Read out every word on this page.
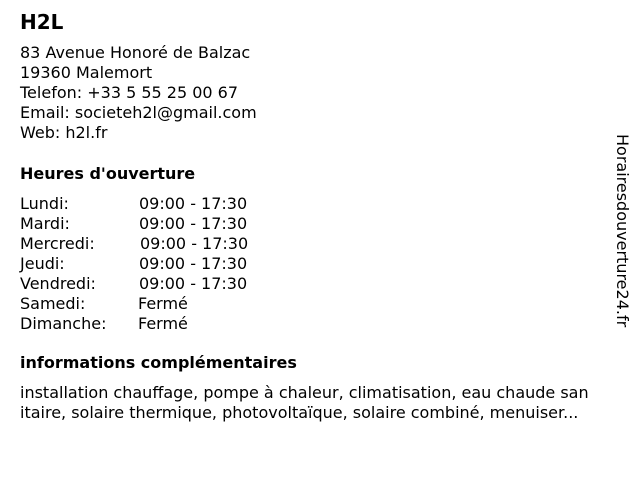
H2L
83 Avenue Honoré de Balzac
19360 Malemort
Telefon: +33 5 55 25 00 67
Email: societeh2l@gmail.com
Web: h2l.fr
Heures d'ouverture
Lundi:	09:00 - 17:30
Mardi:	09:00 - 17:30
Mercredi:	09:00 - 17:30
Jeudi:	09:00 - 17:30
Vendredi:	09:00 - 17:30
Samedi:	Fermé
Dimanche: Fermé
informations complémentaires
installation chauffage, pompe à chaleur, climatisation, eau chaude san
itaire, solaire thermique, photovoltaïque, solaire combiné, menuiser...
Horairesdouverture24.fr
